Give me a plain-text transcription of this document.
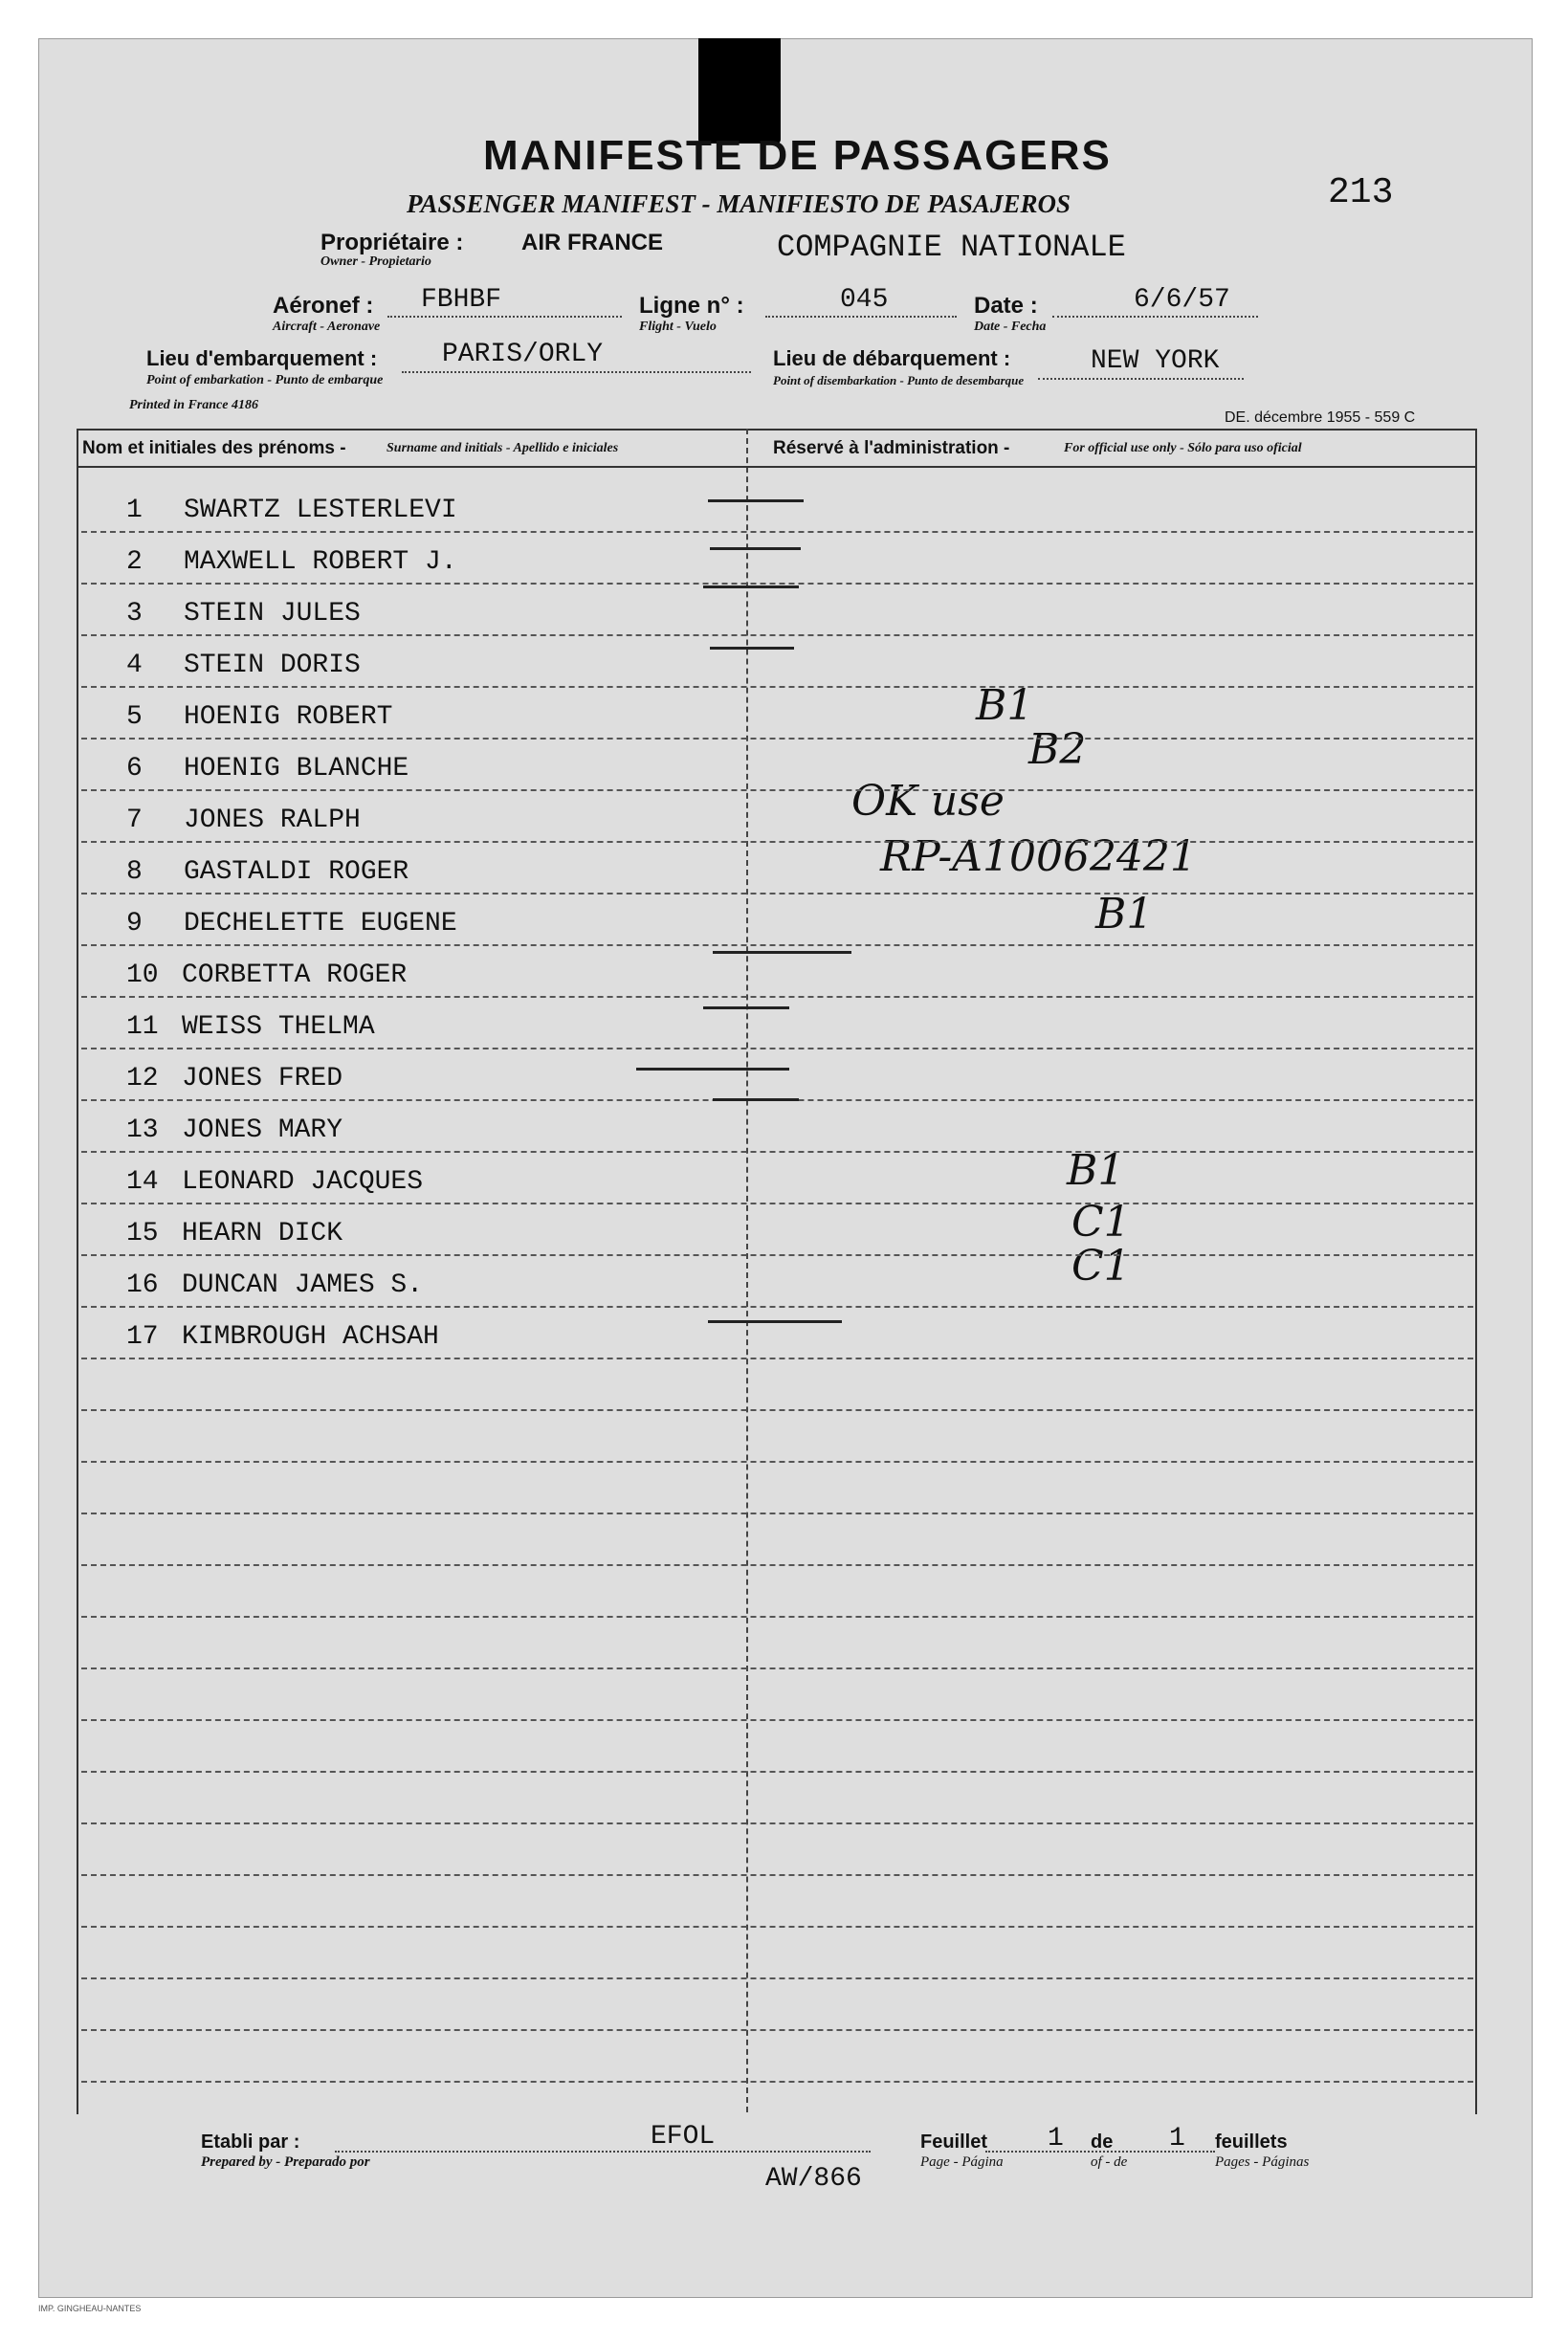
MANIFESTE DE PASSAGERS
PASSENGER MANIFEST - MANIFIESTO DE PASAJEROS	213
Propriétaire :	AIR FRANCE
Owner - Propietario	COMPAGNIE NATIONALE
Aéronef :
Aircraft - Aeronave
FBHBF	Ligne n° :
Flight - Vuelo
045	Date :
Date - Fecha
6/6/57
Lieu d'embarquement :
Point of embarkation - Punto de embarque
PARIS/ORLY	Lieu de débarquement :
Point of disembarkation - Punto de desembarque
NEW YORK
Printed in France 4186
DE. décembre 1955 - 559 C
Nom et initiales des prénoms -	Surname and initials - Apellido e iniciales	Réservé à l'administration -	For official use only - Sólo para uso oficial
1 SWARTZ LESTERLEVI
2 MAXWELL ROBERT J.
3 STEIN JULES
4 STEIN DORIS
5 HOENIG ROBERT	B1
6 HOENIG BLANCHE	B2
7 JONES RALPH	OK use
8 GASTALDI ROGER	RP-A10062421
9 DECHELETTE EUGENE	B1
10 CORBETTA ROGER
11 WEISS THELMA
12 JONES FRED
13 JONES MARY
14 LEONARD JACQUES	B1
15 HEARN DICK	C1
16 DUNCAN JAMES S.	C1
17 KIMBROUGH ACHSAH
Etabli par :
Prepared by - Preparado por
EFOL	Feuillet
Page - Página
1 de
of - de
1 feuillets
Pages - Páginas
AW/866
IMP. GINGHEAU-NANTES
